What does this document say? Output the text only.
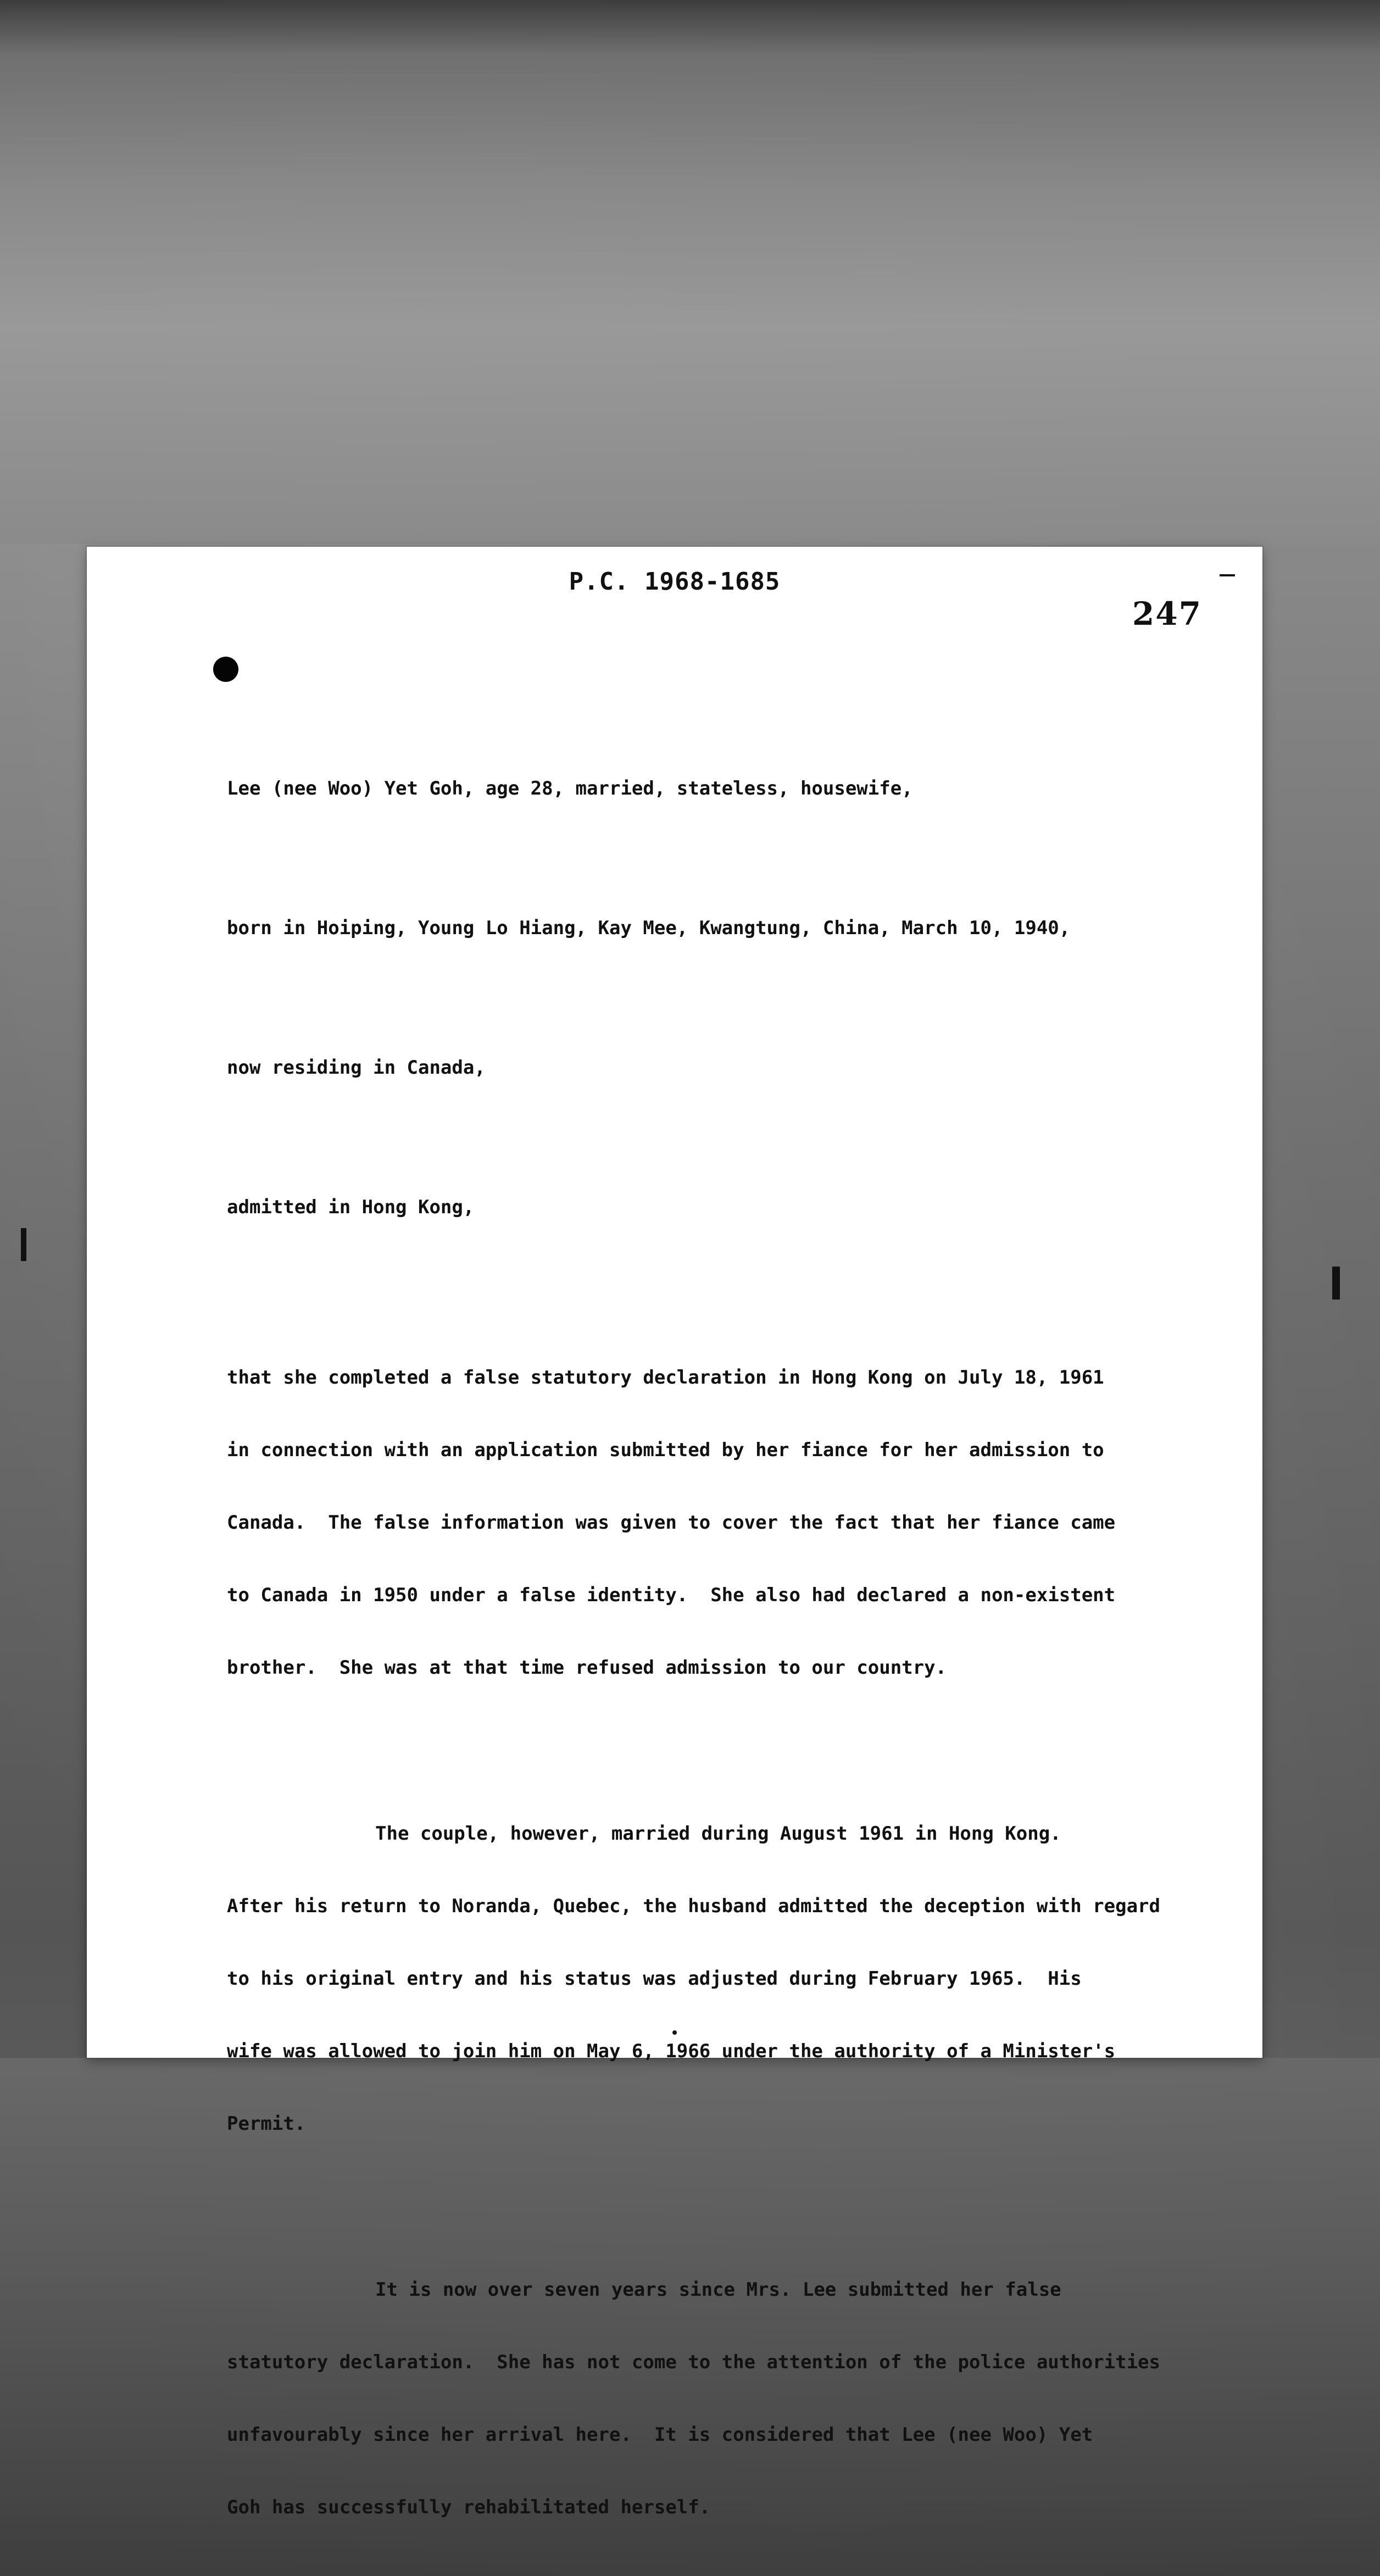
P.C. 1968-1685
247

Lee (nee Woo) Yet Goh, age 28, married, stateless, housewife,

born in Hoiping, Young Lo Hiang, Kay Mee, Kwangtung, China, March 10, 1940,

now residing in Canada,

admitted in Hong Kong,

that she completed a false statutory declaration in Hong Kong on July 18, 1961

in connection with an application submitted by her fiance for her admission to

Canada.  The false information was given to cover the fact that her fiance came

to Canada in 1950 under a false identity.  She also had declared a non-existent

brother.  She was at that time refused admission to our country.

The couple, however, married during August 1961 in Hong Kong.

After his return to Noranda, Quebec, the husband admitted the deception with regard

to his original entry and his status was adjusted during February 1965.  His

wife was allowed to join him on May 6, 1966 under the authority of a Minister's

Permit.

It is now over seven years since Mrs. Lee submitted her false

statutory declaration.  She has not come to the attention of the police authorities

unfavourably since her arrival here.  It is considered that Lee (nee Woo) Yet

Goh has successfully rehabilitated herself.
